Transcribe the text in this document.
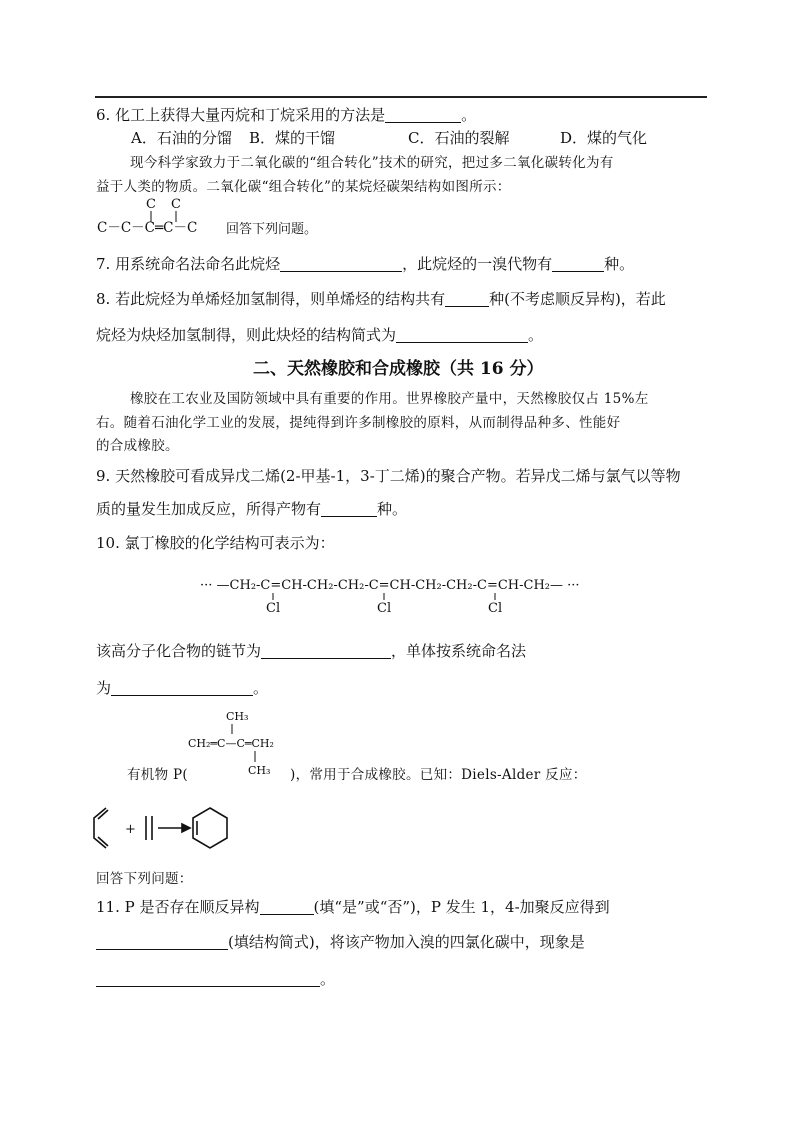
6. 化工上获得大量丙烷和丁烷采用的方法是	。
A．石油的分馏 B．煤的干馏	C．石油的裂解	D．煤的气化
现今科学家致力于二氧化碳的“组合转化”技术的研究，把过多二氧化碳转化为有
益于人类的物质。二氧化碳“组合转化”的某烷烃碳架结构如图所示：
C C
C－C－C═C－C 回答下列问题。
7. 用系统命名法命名此烷烃	，此烷烃的一溴代物有	种。
8. 若此烷烃为单烯烃加氢制得，则单烯烃的结构共有	种(不考虑顺反异构)，若此
烷烃为炔烃加氢制得，则此炔烃的结构简式为	。
二、天然橡胶和合成橡胶（共 16 分）
橡胶在工农业及国防领域中具有重要的作用。世界橡胶产量中，天然橡胶仅占 15%左
右。随着石油化学工业的发展，提纯得到许多制橡胶的原料，从而制得品种多、性能好
的合成橡胶。
9. 天然橡胶可看成异戊二烯(2-甲基-1，3-丁二烯)的聚合产物。若异戊二烯与氯气以等物
质的量发生加成反应，所得产物有	种。
10. 氯丁橡胶的化学结构可表示为：
··· —CH₂-C=CH-CH₂-CH₂-C=CH-CH₂-CH₂-C=CH-CH₂— ···
Cl	Cl	Cl
该高分子化合物的链节为	，单体按系统命名法
为	。
CH₃
CH₂═C—C═CH₂
CH₃
有机物 P(	)，常用于合成橡胶。已知：Diels-Alder 反应：
+
回答下列问题：
11. P 是否存在顺反异构	(填“是”或“否”)，P 发生 1，4-加聚反应得到
(填结构简式)，将该产物加入溴的四氯化碳中，现象是
。
